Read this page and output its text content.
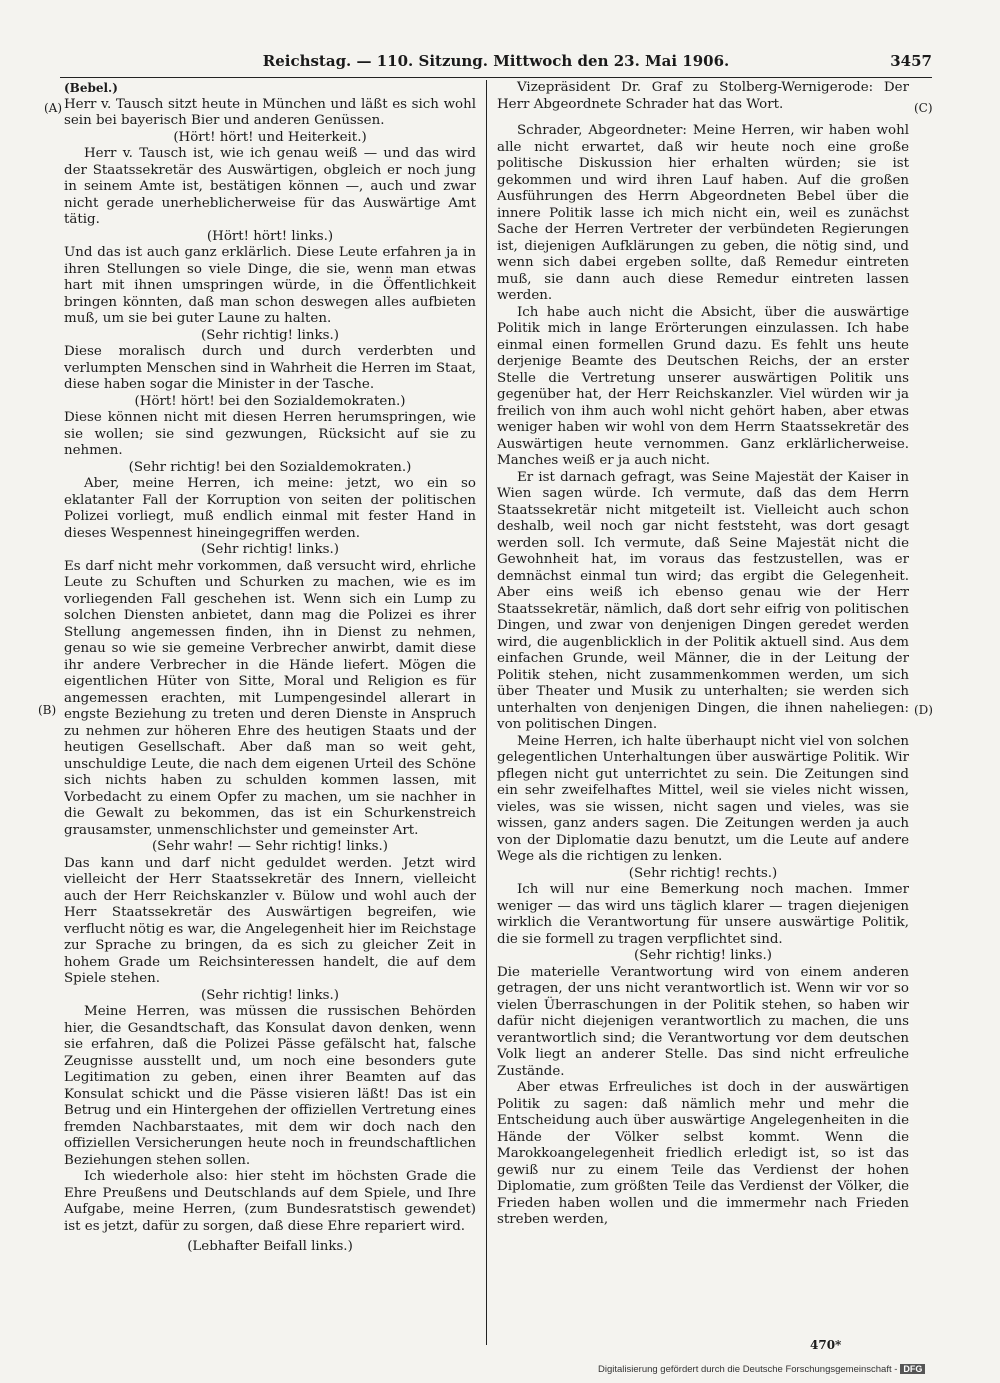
Reichstag. — 110. Sitzung. Mittwoch den 23. Mai 1906.	3457
(A)
(B)
(C)
(D)

(Bebel.)

Herr v. Tausch sitzt heute in München und läßt es sich wohl sein bei bayerisch Bier und anderen Genüssen.

(Hört! hört! und Heiterkeit.)

Herr v. Tausch ist, wie ich genau weiß — und das wird der Staatssekretär des Auswärtigen, obgleich er noch jung in seinem Amte ist, bestätigen können —, auch und zwar nicht gerade unerheblicherweise für das Auswärtige Amt tätig.

(Hört! hört! links.)

Und das ist auch ganz erklärlich. Diese Leute erfahren ja in ihren Stellungen so viele Dinge, die sie, wenn man etwas hart mit ihnen umspringen würde, in die Öffentlichkeit bringen könnten, daß man schon deswegen alles aufbieten muß, um sie bei guter Laune zu halten.

(Sehr richtig! links.)

Diese moralisch durch und durch verderbten und verlumpten Menschen sind in Wahrheit die Herren im Staat, diese haben sogar die Minister in der Tasche.

(Hört! hört! bei den Sozialdemokraten.)

Diese können nicht mit diesen Herren herumspringen, wie sie wollen; sie sind gezwungen, Rücksicht auf sie zu nehmen.

(Sehr richtig! bei den Sozialdemokraten.)

Aber, meine Herren, ich meine: jetzt, wo ein so eklatanter Fall der Korruption von seiten der politischen Polizei vorliegt, muß endlich einmal mit fester Hand in dieses Wespennest hineingegriffen werden.

(Sehr richtig! links.)

Es darf nicht mehr vorkommen, daß versucht wird, ehrliche Leute zu Schuften und Schurken zu machen, wie es im vorliegenden Fall geschehen ist. Wenn sich ein Lump zu solchen Diensten anbietet, dann mag die Polizei es ihrer Stellung angemessen finden, ihn in Dienst zu nehmen, genau so wie sie gemeine Verbrecher anwirbt, damit diese ihr andere Verbrecher in die Hände liefert. Mögen die eigentlichen Hüter von Sitte, Moral und Religion es für angemessen erachten, mit Lumpengesindel allerart in engste Beziehung zu treten und deren Dienste in Anspruch zu nehmen zur höheren Ehre des heutigen Staats und der heutigen Gesellschaft. Aber daß man so weit geht, unschuldige Leute, die nach dem eigenen Urteil des Schöne sich nichts haben zu schulden kommen lassen, mit Vorbedacht zu einem Opfer zu machen, um sie nachher in die Gewalt zu bekommen, das ist ein Schurkenstreich grausamster, unmenschlichster und gemeinster Art.

(Sehr wahr! — Sehr richtig! links.)

Das kann und darf nicht geduldet werden. Jetzt wird vielleicht der Herr Staatssekretär des Innern, vielleicht auch der Herr Reichskanzler v. Bülow und wohl auch der Herr Staatssekretär des Auswärtigen begreifen, wie verflucht nötig es war, die Angelegenheit hier im Reichstage zur Sprache zu bringen, da es sich zu gleicher Zeit in hohem Grade um Reichsinteressen handelt, die auf dem Spiele stehen.

(Sehr richtig! links.)

Meine Herren, was müssen die russischen Behörden hier, die Gesandtschaft, das Konsulat davon denken, wenn sie erfahren, daß die Polizei Pässe gefälscht hat, falsche Zeugnisse ausstellt und, um noch eine besonders gute Legitimation zu geben, einen ihrer Beamten auf das Konsulat schickt und die Pässe visieren läßt! Das ist ein Betrug und ein Hintergehen der offiziellen Vertretung eines fremden Nachbarstaates, mit dem wir doch nach den offiziellen Versicherungen heute noch in freundschaftlichen Beziehungen stehen sollen.

Ich wiederhole also: hier steht im höchsten Grade die Ehre Preußens und Deutschlands auf dem Spiele, und Ihre Aufgabe, meine Herren, (zum Bundesratstisch gewendet) ist es jetzt, dafür zu sorgen, daß diese Ehre repariert wird.

(Lebhafter Beifall links.)

Vizepräsident Dr. Graf zu Stolberg-Wernigerode: Der Herr Abgeordnete Schrader hat das Wort.

Schrader, Abgeordneter: Meine Herren, wir haben wohl alle nicht erwartet, daß wir heute noch eine große politische Diskussion hier erhalten würden; sie ist gekommen und wird ihren Lauf haben. Auf die großen Ausführungen des Herrn Abgeordneten Bebel über die innere Politik lasse ich mich nicht ein, weil es zunächst Sache der Herren Vertreter der verbündeten Regierungen ist, diejenigen Aufklärungen zu geben, die nötig sind, und wenn sich dabei ergeben sollte, daß Remedur eintreten muß, sie dann auch diese Remedur eintreten lassen werden.

Ich habe auch nicht die Absicht, über die auswärtige Politik mich in lange Erörterungen einzulassen. Ich habe einmal einen formellen Grund dazu. Es fehlt uns heute derjenige Beamte des Deutschen Reichs, der an erster Stelle die Vertretung unserer auswärtigen Politik uns gegenüber hat, der Herr Reichskanzler. Viel würden wir ja freilich von ihm auch wohl nicht gehört haben, aber etwas weniger haben wir wohl von dem Herrn Staatssekretär des Auswärtigen heute vernommen. Ganz erklärlicherweise. Manches weiß er ja auch nicht.

Er ist darnach gefragt, was Seine Majestät der Kaiser in Wien sagen würde. Ich vermute, daß das dem Herrn Staatssekretär nicht mitgeteilt ist. Vielleicht auch schon deshalb, weil noch gar nicht feststeht, was dort gesagt werden soll. Ich vermute, daß Seine Majestät nicht die Gewohnheit hat, im voraus das festzustellen, was er demnächst einmal tun wird; das ergibt die Gelegenheit. Aber eins weiß ich ebenso genau wie der Herr Staatssekretär, nämlich, daß dort sehr eifrig von politischen Dingen, und zwar von denjenigen Dingen geredet werden wird, die augenblicklich in der Politik aktuell sind. Aus dem einfachen Grunde, weil Männer, die in der Leitung der Politik stehen, nicht zusammenkommen werden, um sich über Theater und Musik zu unterhalten; sie werden sich unterhalten von denjenigen Dingen, die ihnen naheliegen: von politischen Dingen.

Meine Herren, ich halte überhaupt nicht viel von solchen gelegentlichen Unterhaltungen über auswärtige Politik. Wir pflegen nicht gut unterrichtet zu sein. Die Zeitungen sind ein sehr zweifelhaftes Mittel, weil sie vieles nicht wissen, vieles, was sie wissen, nicht sagen und vieles, was sie wissen, ganz anders sagen. Die Zeitungen werden ja auch von der Diplomatie dazu benutzt, um die Leute auf andere Wege als die richtigen zu lenken.

(Sehr richtig! rechts.)

Ich will nur eine Bemerkung noch machen. Immer weniger — das wird uns täglich klarer — tragen diejenigen wirklich die Verantwortung für unsere auswärtige Politik, die sie formell zu tragen verpflichtet sind.

(Sehr richtig! links.)

Die materielle Verantwortung wird von einem anderen getragen, der uns nicht verantwortlich ist. Wenn wir vor so vielen Überraschungen in der Politik stehen, so haben wir dafür nicht diejenigen verantwortlich zu machen, die uns verantwortlich sind; die Verantwortung vor dem deutschen Volk liegt an anderer Stelle. Das sind nicht erfreuliche Zustände.

Aber etwas Erfreuliches ist doch in der auswärtigen Politik zu sagen: daß nämlich mehr und mehr die Entscheidung auch über auswärtige Angelegenheiten in die Hände der Völker selbst kommt. Wenn die Marokkoangelegenheit friedlich erledigt ist, so ist das gewiß nur zu einem Teile das Verdienst der hohen Diplomatie, zum größten Teile das Verdienst der Völker, die Frieden haben wollen und die immermehr nach Frieden streben werden,

470*
Digitalisierung gefördert durch die Deutsche Forschungsgemeinschaft - DFG
